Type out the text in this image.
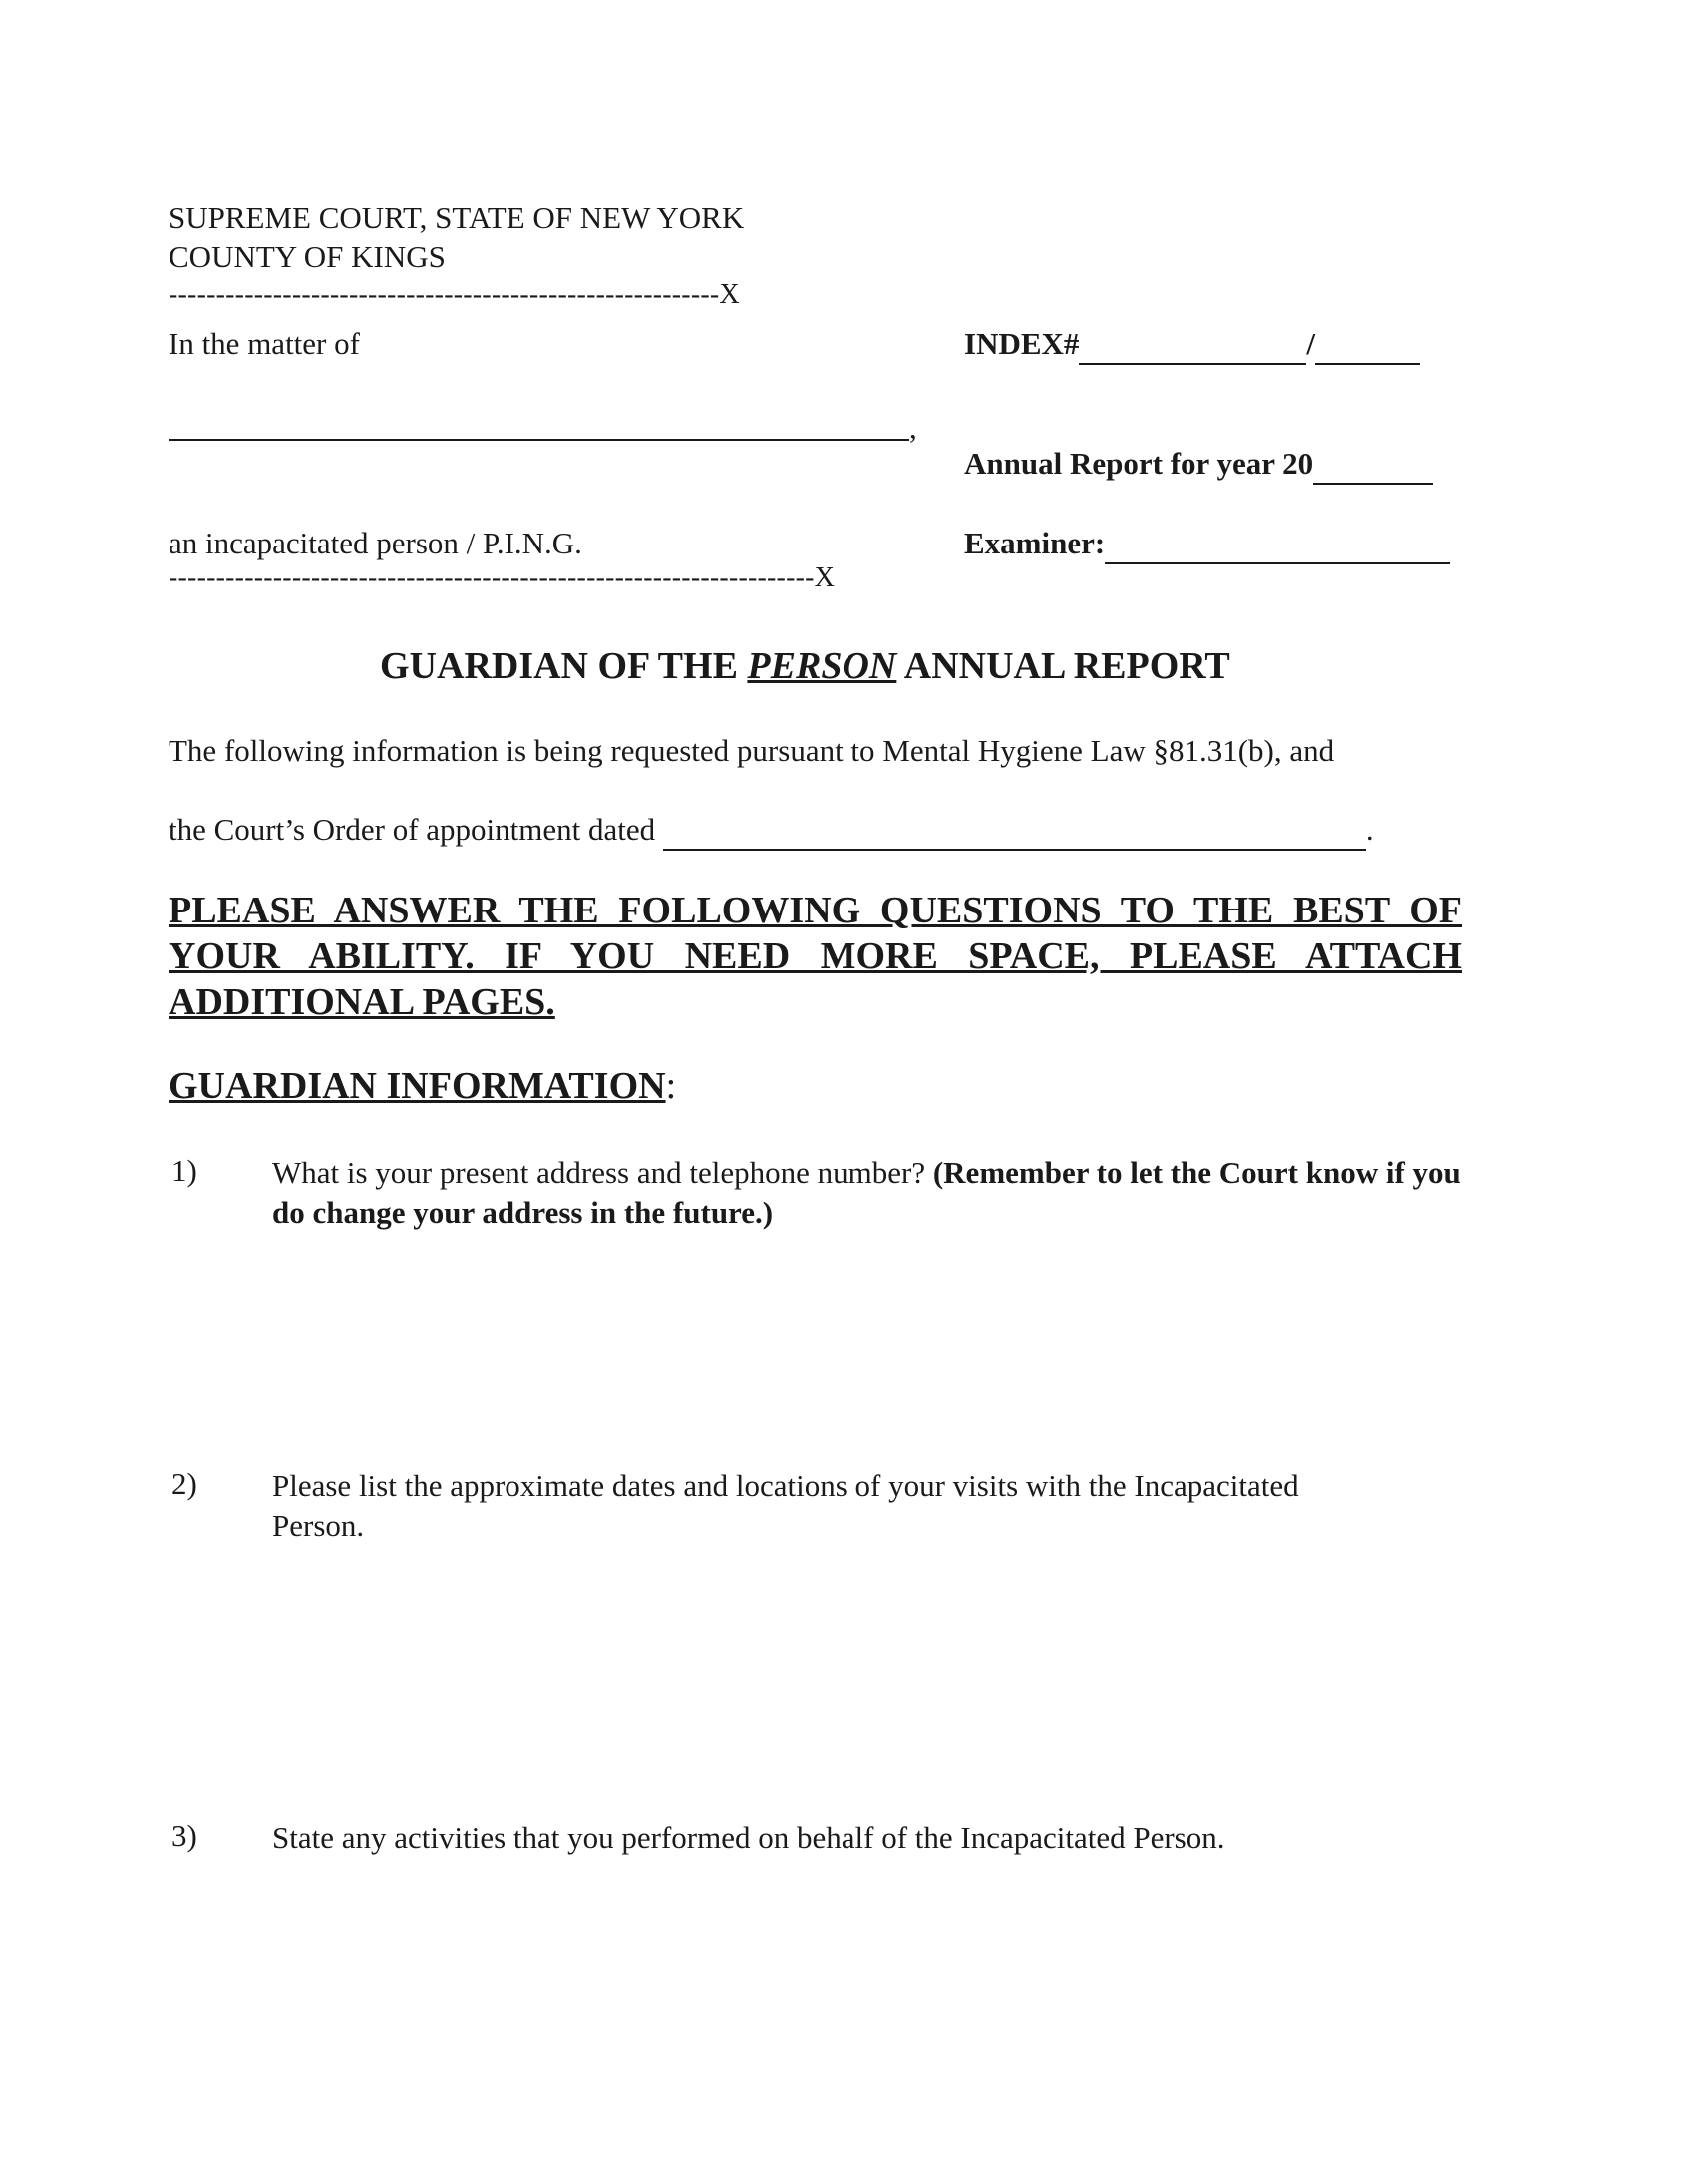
SUPREME COURT, STATE OF NEW YORK
COUNTY OF KINGS
----------------------------------------------------------X
In the matter of	INDEX#	/
,
Annual Report for year 20
an incapacitated person / P.I.N.G.	Examiner:
--------------------------------------------------------------------X
GUARDIAN OF THE PERSON ANNUAL REPORT
The following information is being requested pursuant to Mental Hygiene Law §81.31(b), and
the Court’s Order of appointment dated	.
PLEASE ANSWER THE FOLLOWING QUESTIONS TO THE BEST OF YOUR ABILITY. IF YOU NEED MORE SPACE, PLEASE ATTACH ADDITIONAL PAGES.
GUARDIAN INFORMATION:
1) What is your present address and telephone number? (Remember to let the Court know if you do change your address in the future.)
2) Please list the approximate dates and locations of your visits with the Incapacitated Person.
3) State any activities that you performed on behalf of the Incapacitated Person.
